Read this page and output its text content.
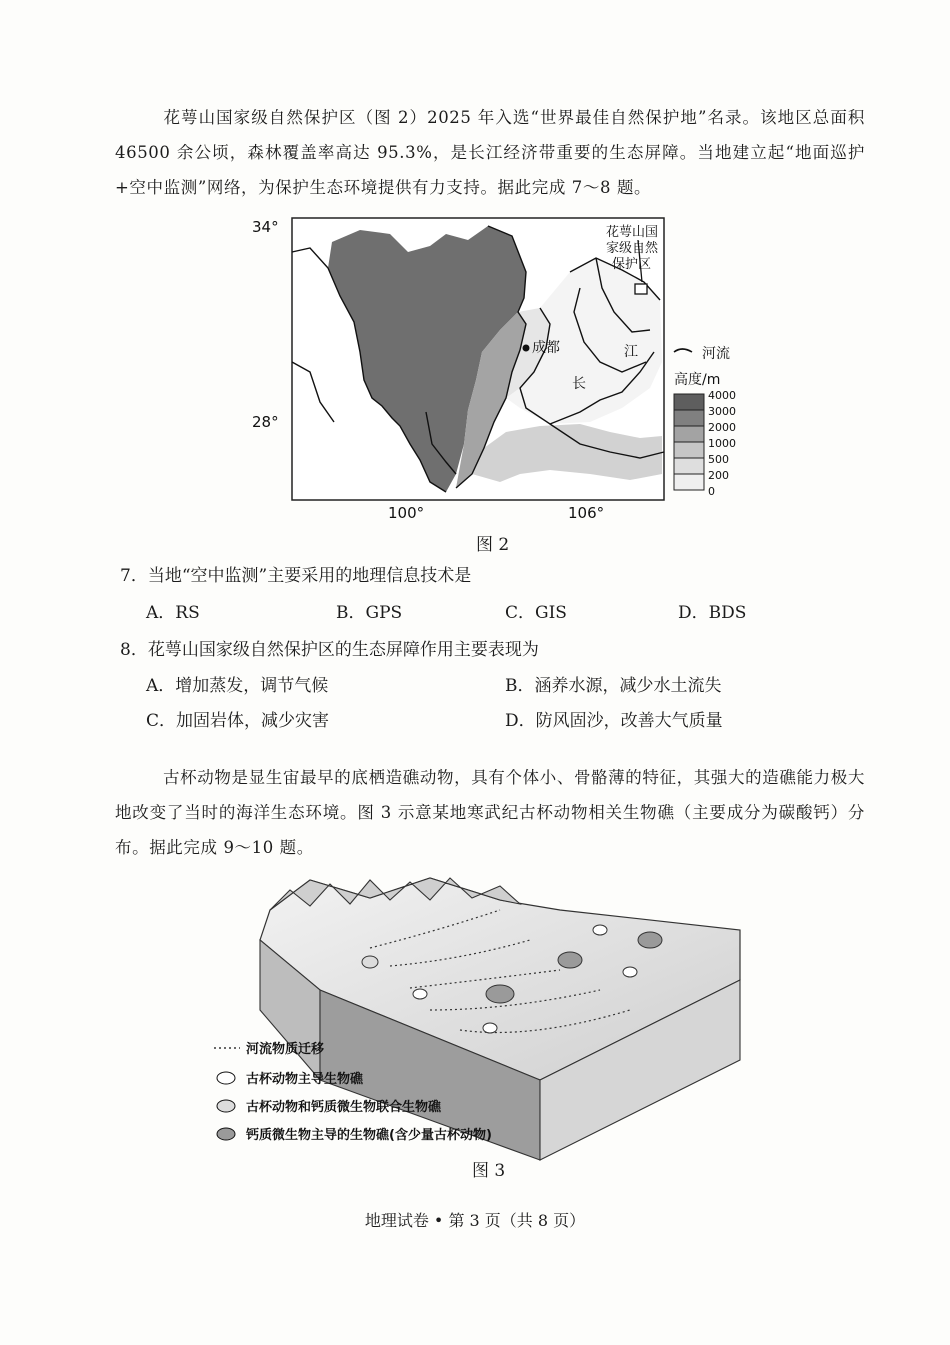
花萼山国家级自然保护区（图 2）2025 年入选“世界最佳自然保护地”名录。该地区总面积 46500 余公顷，森林覆盖率高达 95.3%，是长江经济带重要的生态屏障。当地建立起“地面巡护+空中监测”网络，为保护生态环境提供有力支持。据此完成 7～8 题。

34°
28°
100°	106°
花萼山国
家级自然
保护区
成都	江
长
河流
高度/m
4000
3000
2000
1000
500
200
0
图 2

7．当地“空中监测”主要采用的地理信息技术是

A．RS	B．GPS	C．GIS	D．BDS

8．花萼山国家级自然保护区的生态屏障作用主要表现为

A．增加蒸发，调节气候	B．涵养水源，减少水土流失
C．加固岩体，减少灾害	D．防风固沙，改善大气质量

古杯动物是显生宙最早的底栖造礁动物，具有个体小、骨骼薄的特征，其强大的造礁能力极大地改变了当时的海洋生态环境。图 3 示意某地寒武纪古杯动物相关生物礁（主要成分为碳酸钙）分布。据此完成 9～10 题。

河流物质迁移
古杯动物主导生物礁
古杯动物和钙质微生物联合生物礁
钙质微生物主导的生物礁(含少量古杯动物)
图 3
地理试卷 • 第 3 页（共 8 页）
